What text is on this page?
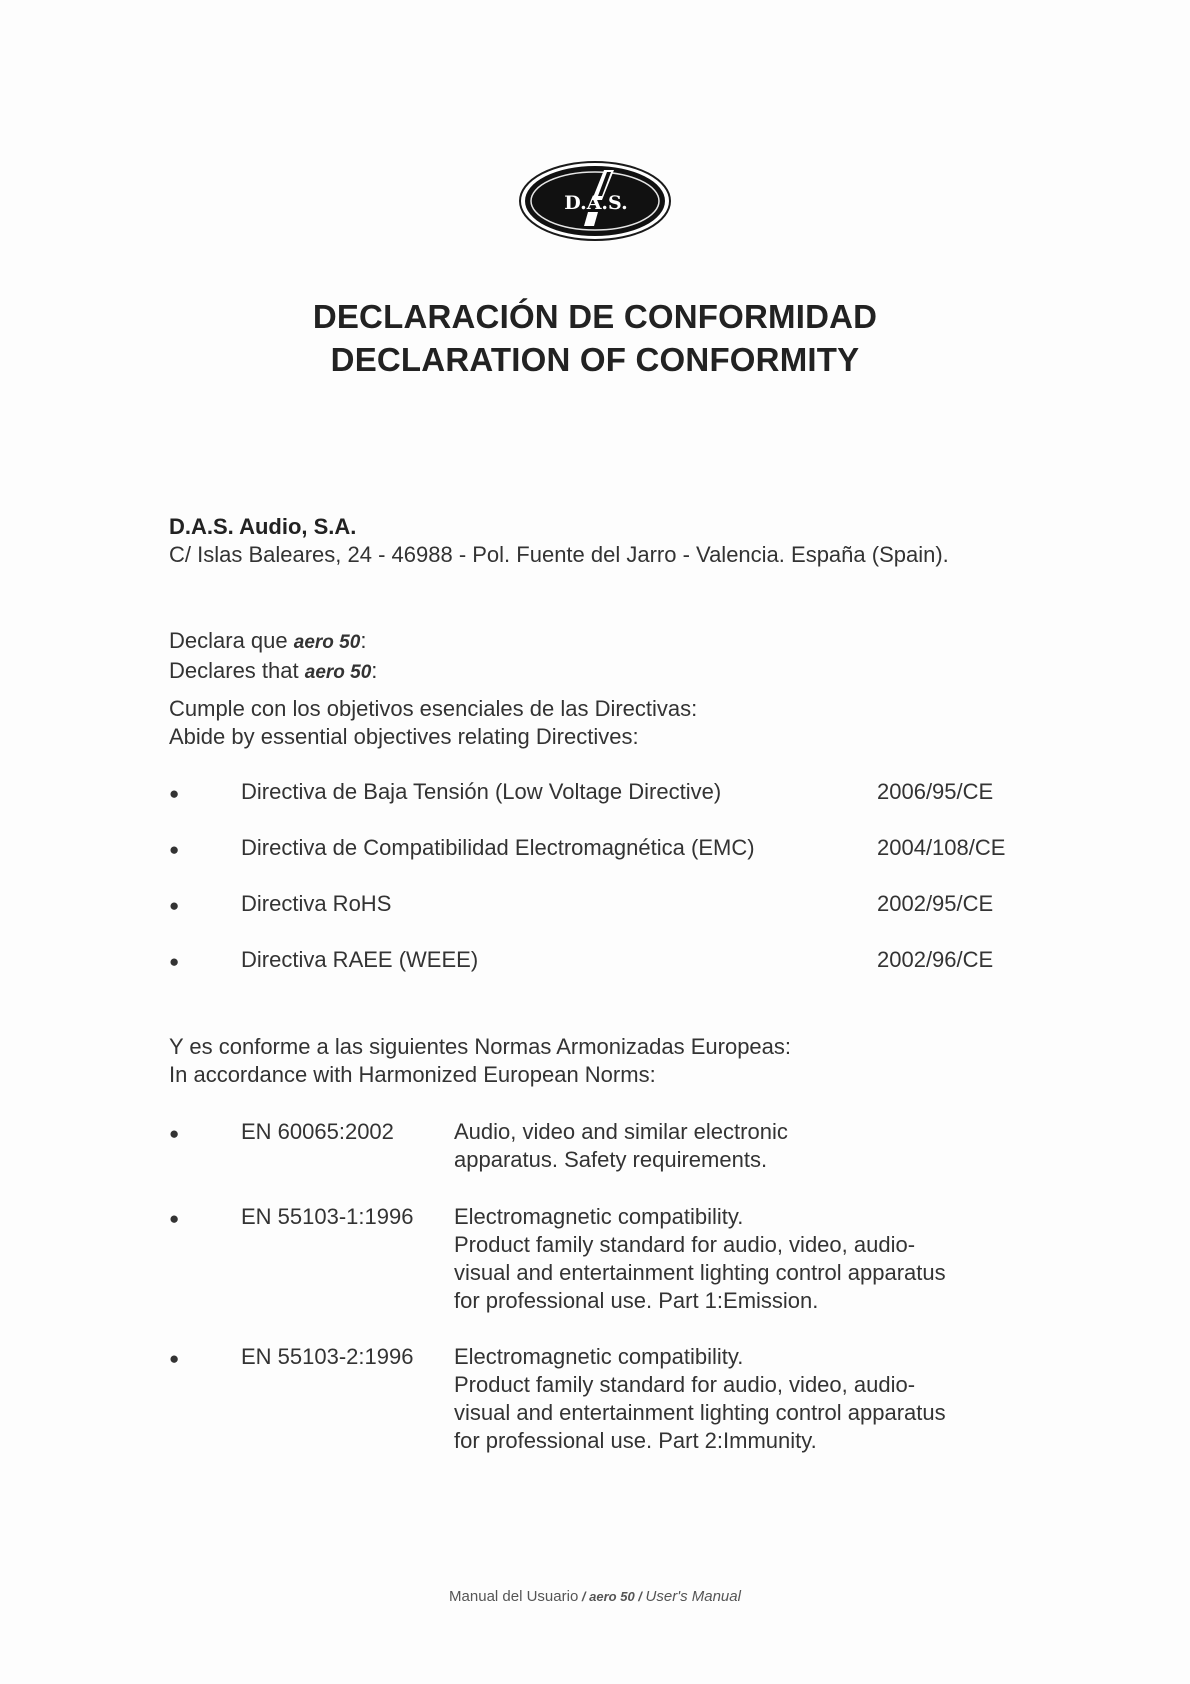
D.A.S.
DECLARACIÓN DE CONFORMIDAD
DECLARATION OF CONFORMITY
D.A.S. Audio, S.A.
C/ Islas Baleares, 24 - 46988 - Pol. Fuente del Jarro - Valencia. España (Spain).
Declara que aero 50:
Declares that aero 50:
Cumple con los objetivos esenciales de las Directivas:
Abide by essential objectives relating Directives:
●
Directiva de Baja Tensión (Low Voltage Directive)	2006/95/CE
●
Directiva de Compatibilidad Electromagnética (EMC)	2004/108/CE
●
Directiva RoHS	2002/95/CE
●
Directiva RAEE (WEEE)	2002/96/CE
Y es conforme a las siguientes Normas Armonizadas Europeas:
In accordance with Harmonized European Norms:
●
EN 60065:2002	Audio, video and similar electronic
apparatus. Safety requirements.
●
EN 55103-1:1996 Electromagnetic compatibility.
Product family standard for audio, video, audio-
visual and entertainment lighting control apparatus
for professional use. Part 1:Emission.
●
EN 55103-2:1996 Electromagnetic compatibility.
Product family standard for audio, video, audio-
visual and entertainment lighting control apparatus
for professional use. Part 2:Immunity.
Manual del Usuario / aero 50 / User's Manual
